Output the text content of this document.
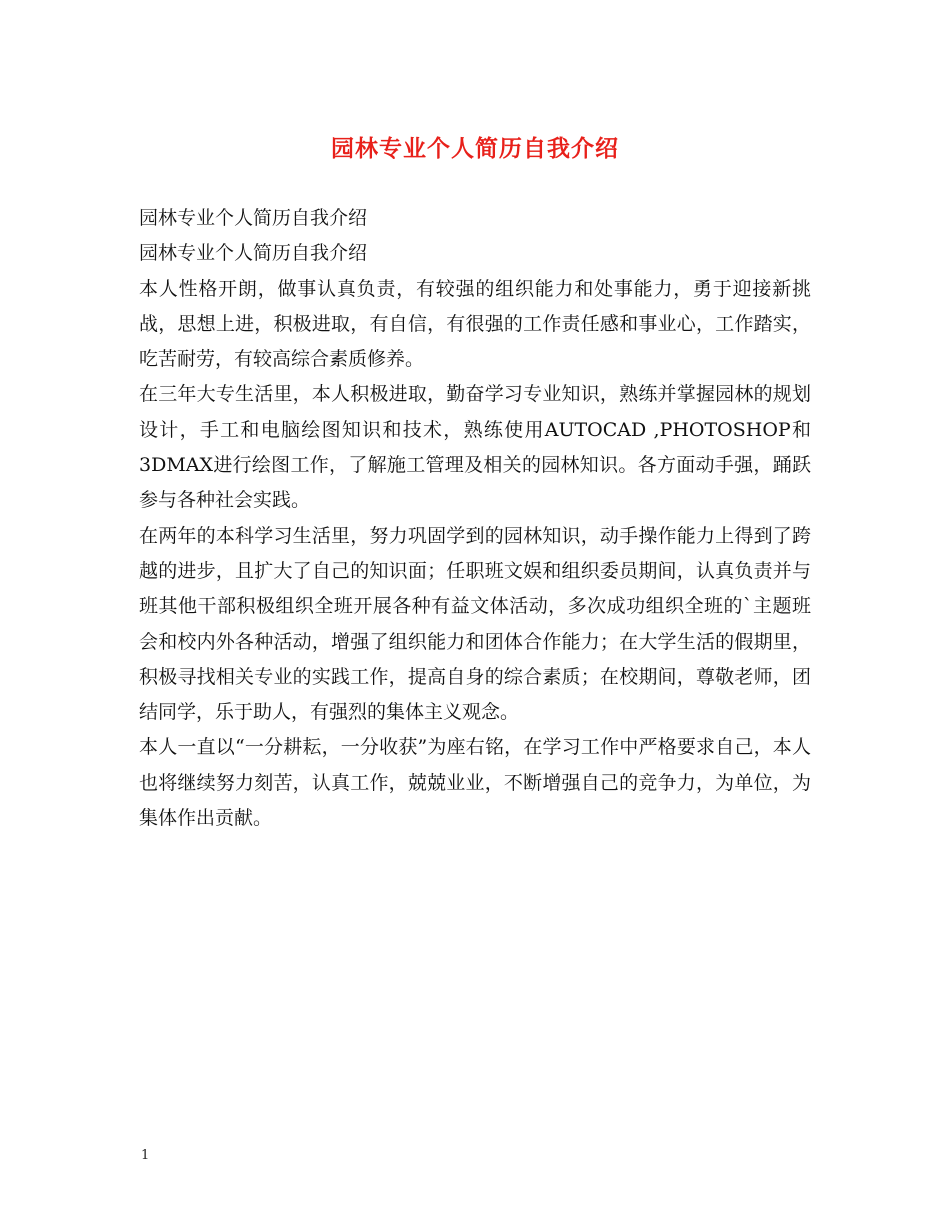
园林专业个人简历自我介绍

园林专业个人简历自我介绍

园林专业个人简历自我介绍

本人性格开朗，做事认真负责，有较强的组织能力和处事能力，勇于迎接新挑战，思想上进，积极进取，有自信，有很强的工作责任感和事业心，工作踏实，吃苦耐劳，有较高综合素质修养。

在三年大专生活里，本人积极进取，勤奋学习专业知识，熟练并掌握园林的规划设计，手工和电脑绘图知识和技术，熟练使用AUTOCAD ,PHOTOSHOP和3DMAX进行绘图工作，了解施工管理及相关的园林知识。各方面动手强，踊跃参与各种社会实践。

在两年的本科学习生活里，努力巩固学到的园林知识，动手操作能力上得到了跨越的进步，且扩大了自己的知识面；任职班文娱和组织委员期间，认真负责并与班其他干部积极组织全班开展各种有益文体活动，多次成功组织全班的`主题班会和校内外各种活动，增强了组织能力和团体合作能力；在大学生活的假期里，积极寻找相关专业的实践工作，提高自身的综合素质；在校期间，尊敬老师，团结同学，乐于助人，有强烈的集体主义观念。

本人一直以“一分耕耘，一分收获”为座右铭，在学习工作中严格要求自己，本人也将继续努力刻苦，认真工作，兢兢业业，不断增强自己的竞争力，为单位，为集体作出贡献。

1
